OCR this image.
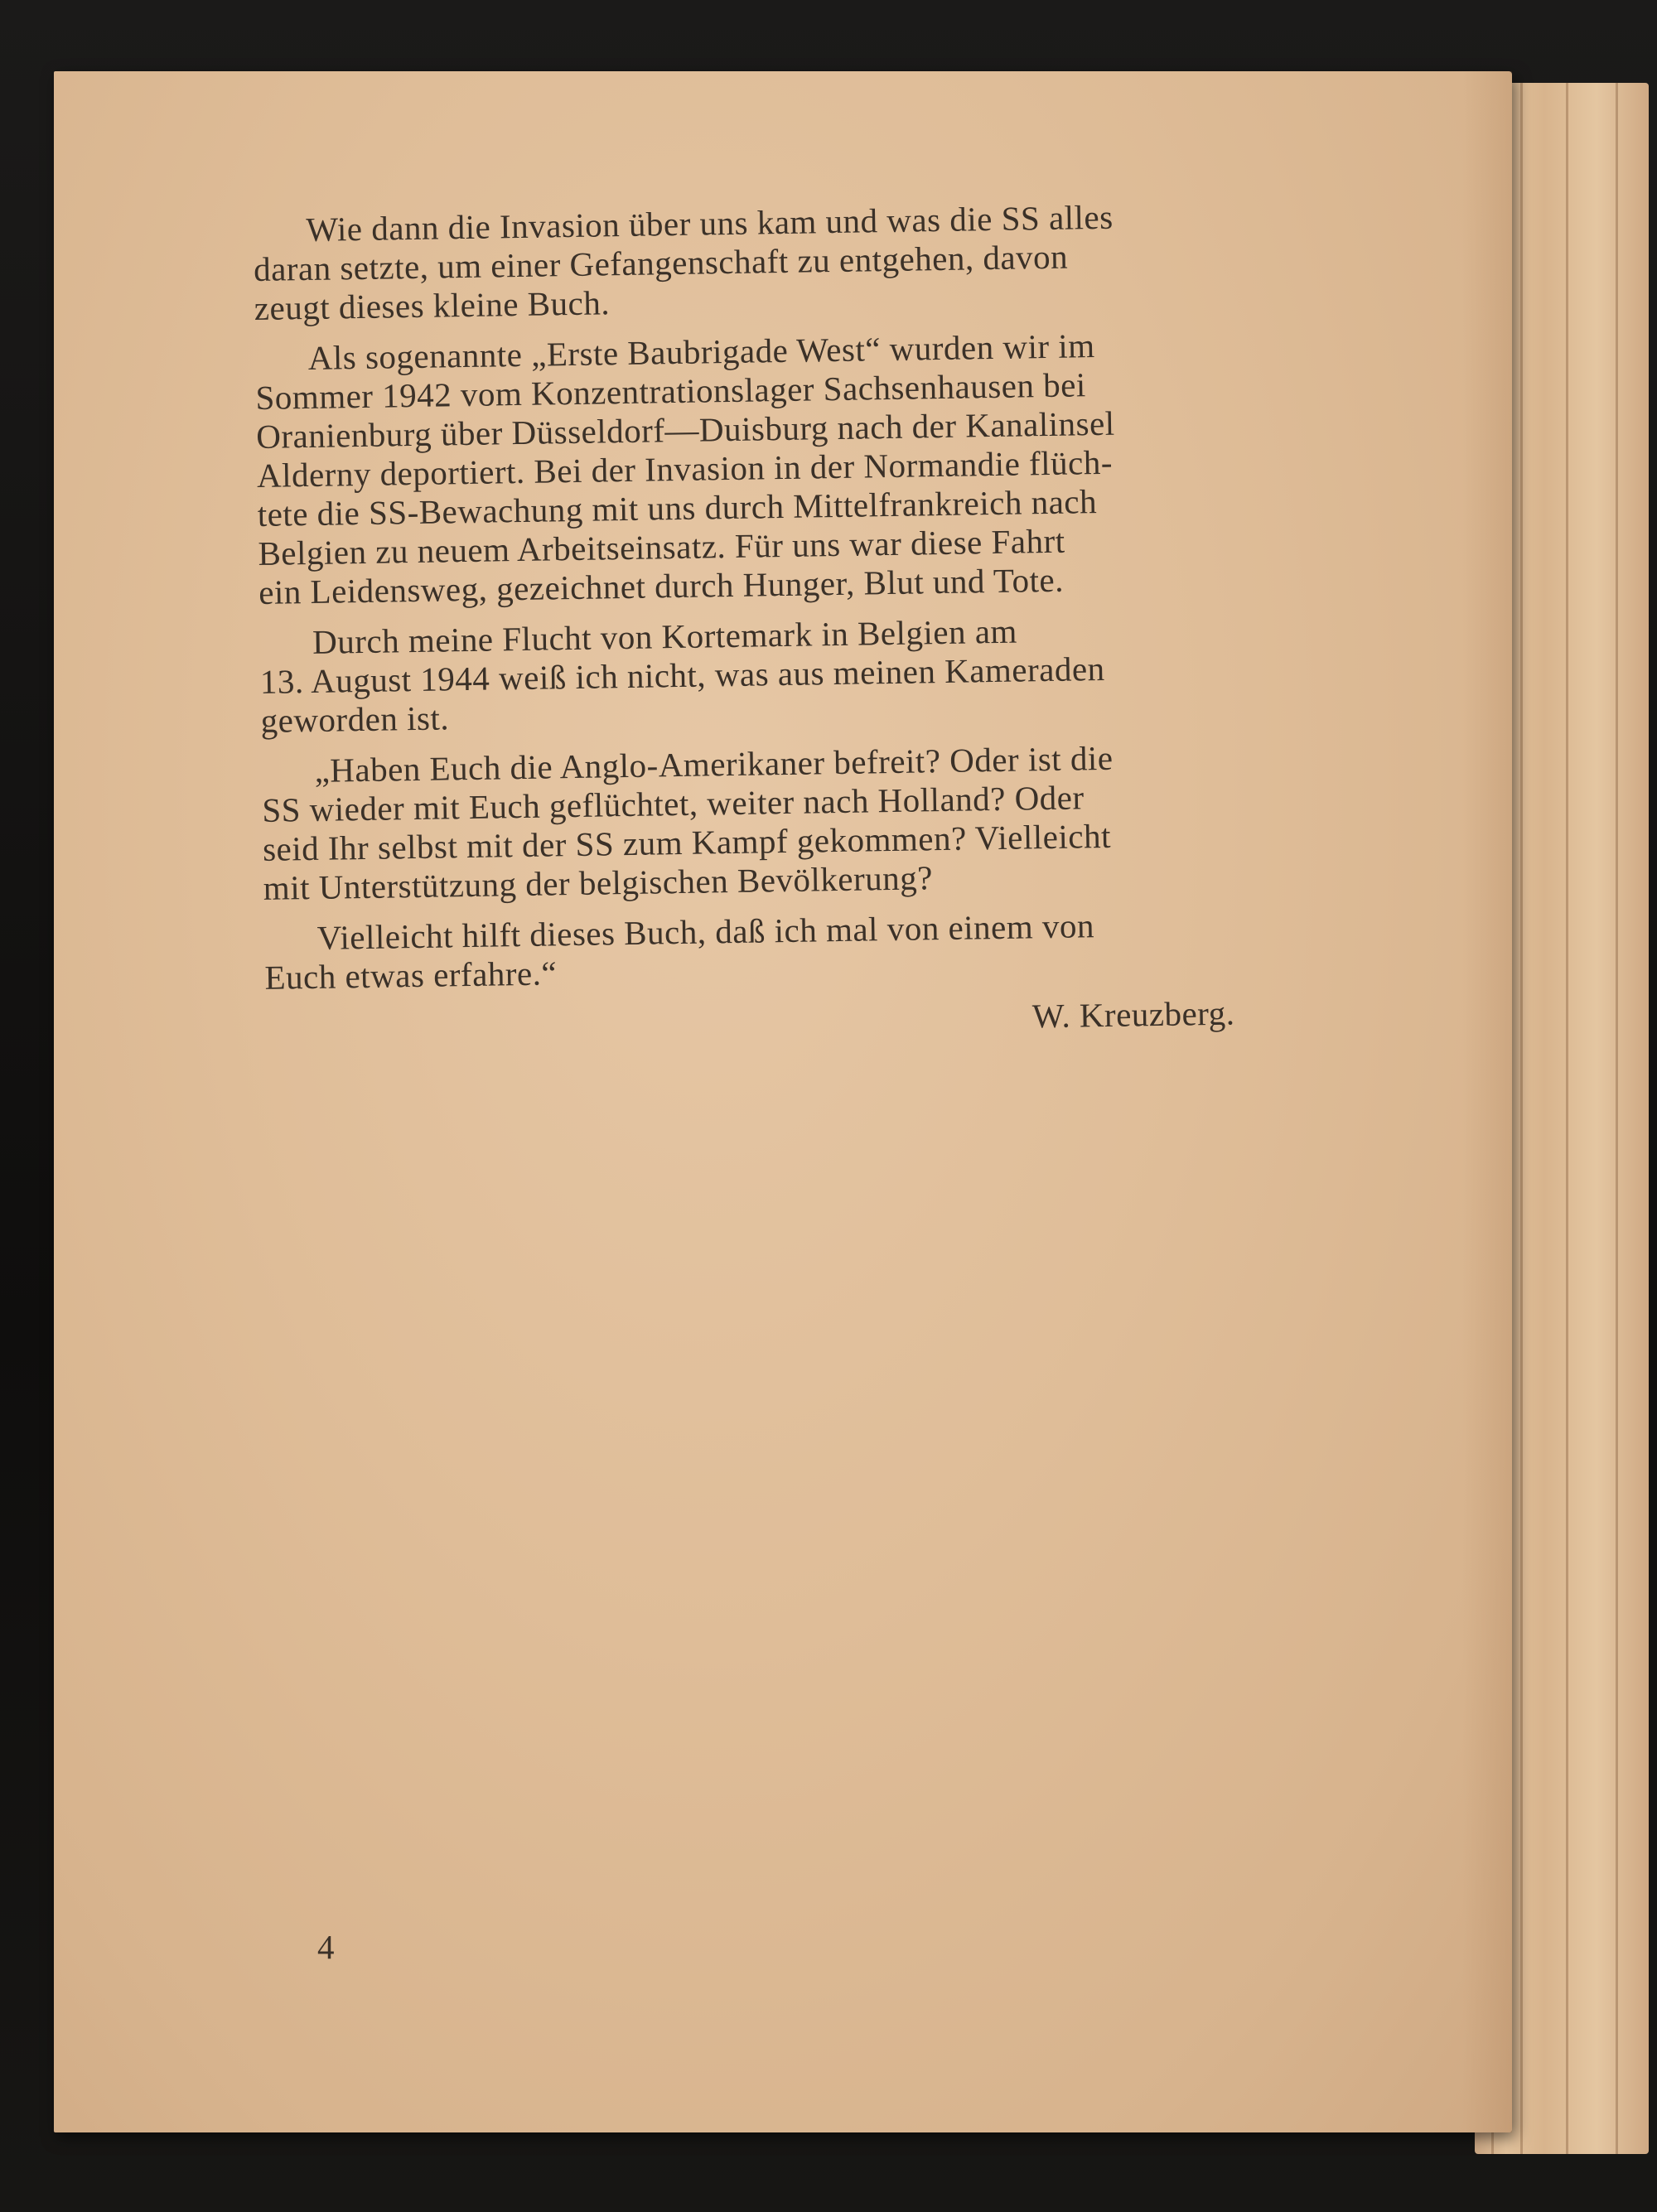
Wie dann die Invasion über uns kam und was die SS alles
daran setzte, um einer Gefangenschaft zu entgehen, davon
zeugt dieses kleine Buch.

Als sogenannte „Erste Baubrigade West“ wurden wir im
Sommer 1942 vom Konzentrationslager Sachsenhausen bei
Oranienburg über Düsseldorf—Duisburg nach der Kanalinsel
Alderny deportiert. Bei der Invasion in der Normandie flüch-
tete die SS-Bewachung mit uns durch Mittelfrankreich nach
Belgien zu neuem Arbeitseinsatz. Für uns war diese Fahrt
ein Leidensweg, gezeichnet durch Hunger, Blut und Tote.

Durch meine Flucht von Kortemark in Belgien am
13. August 1944 weiß ich nicht, was aus meinen Kameraden
geworden ist.

„Haben Euch die Anglo-Amerikaner befreit? Oder ist die
SS wieder mit Euch geflüchtet, weiter nach Holland? Oder
seid Ihr selbst mit der SS zum Kampf gekommen? Vielleicht
mit Unterstützung der belgischen Bevölkerung?

Vielleicht hilft dieses Buch, daß ich mal von einem von
Euch etwas erfahre.“

W. Kreuzberg.
4
